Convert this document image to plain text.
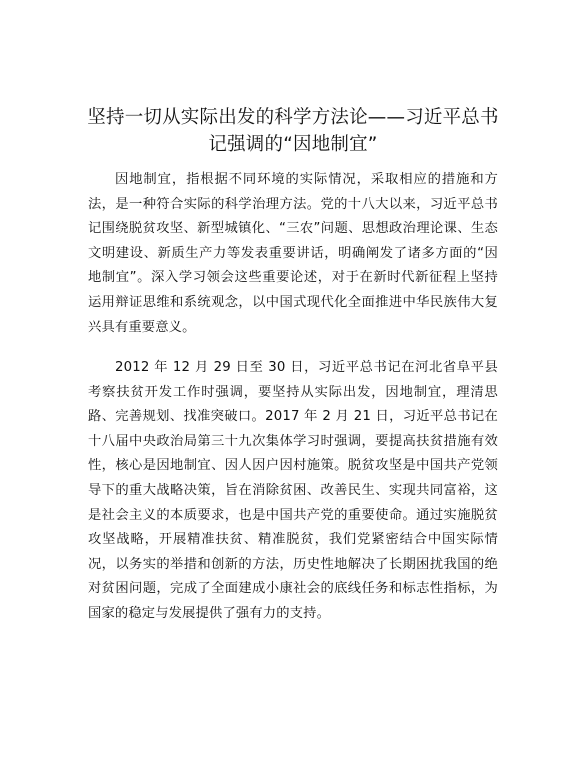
坚持一切从实际出发的科学方法论——习近平总书记强调的“因地制宜”

因地制宜，指根据不同环境的实际情况，采取相应的措施和方法，是一种符合实际的科学治理方法。党的十八大以来，习近平总书记围绕脱贫攻坚、新型城镇化、“三农”问题、思想政治理论课、生态文明建设、新质生产力等发表重要讲话，明确阐发了诸多方面的“因地制宜”。深入学习领会这些重要论述，对于在新时代新征程上坚持运用辩证思维和系统观念，以中国式现代化全面推进中华民族伟大复兴具有重要意义。

2012 年 12 月 29 日至 30 日，习近平总书记在河北省阜平县考察扶贫开发工作时强调，要坚持从实际出发，因地制宜，理清思路、完善规划、找准突破口。2017 年 2 月 21 日，习近平总书记在十八届中央政治局第三十九次集体学习时强调，要提高扶贫措施有效性，核心是因地制宜、因人因户因村施策。脱贫攻坚是中国共产党领导下的重大战略决策，旨在消除贫困、改善民生、实现共同富裕，这是社会主义的本质要求，也是中国共产党的重要使命。通过实施脱贫攻坚战略，开展精准扶贫、精准脱贫，我们党紧密结合中国实际情况，以务实的举措和创新的方法，历史性地解决了长期困扰我国的绝对贫困问题，完成了全面建成小康社会的底线任务和标志性指标，为国家的稳定与发展提供了强有力的支持。
